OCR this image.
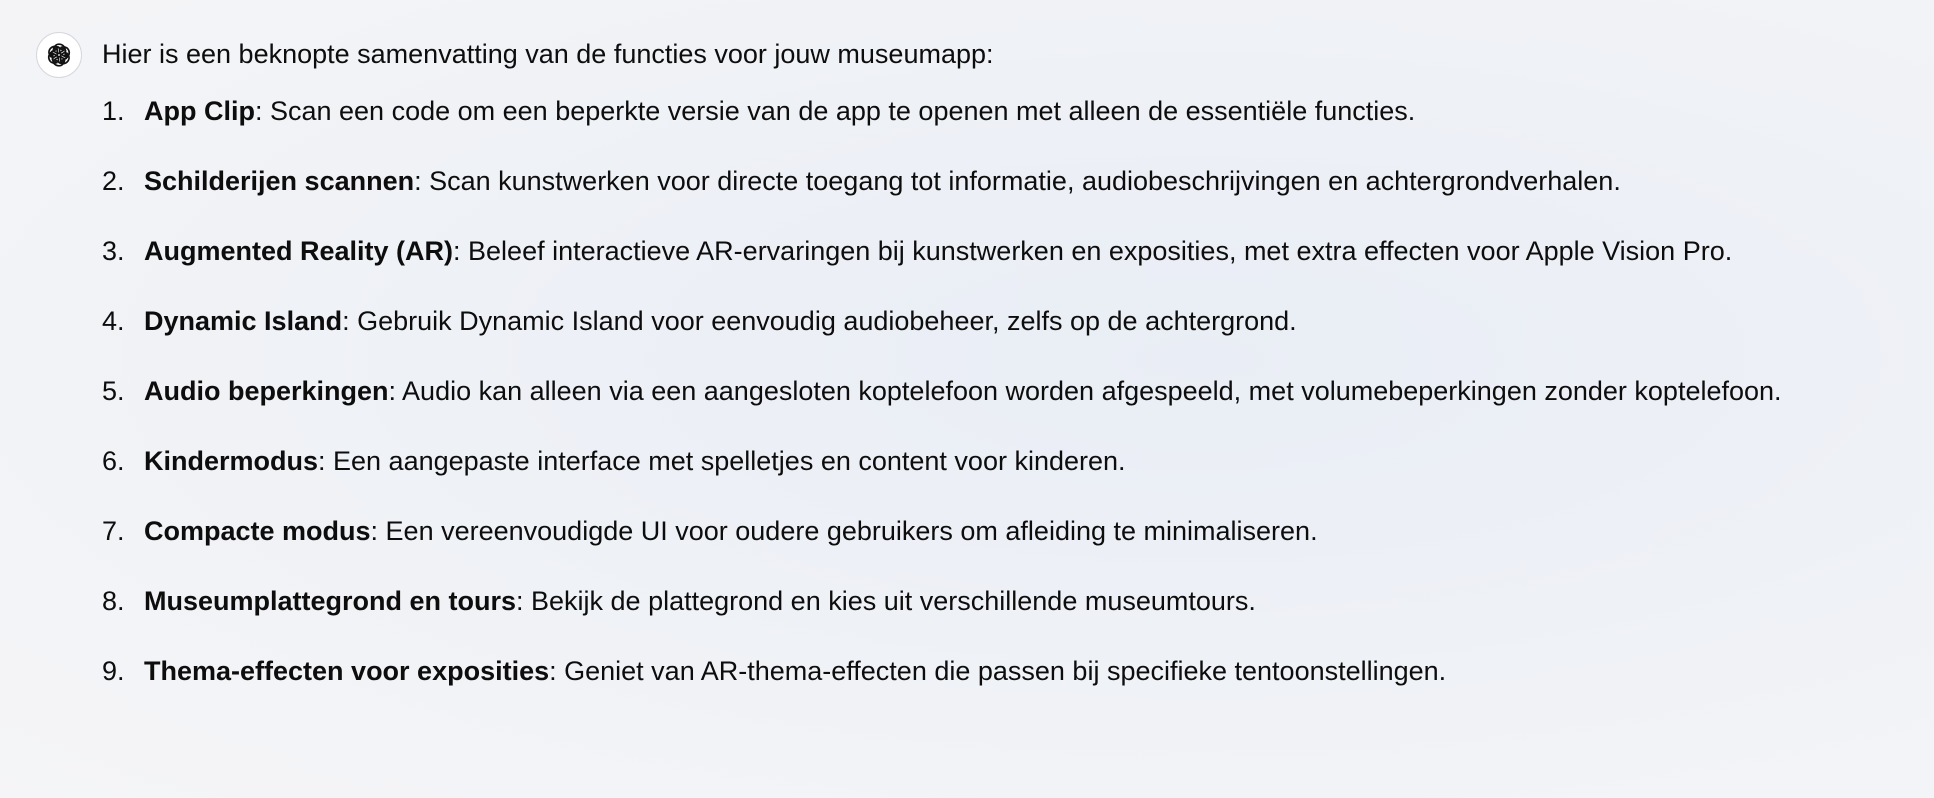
Hier is een beknopte samenvatting van de functies voor jouw museumapp:

1. App Clip: Scan een code om een beperkte versie van de app te openen met alleen de essentiële functies.
2. Schilderijen scannen: Scan kunstwerken voor directe toegang tot informatie, audiobeschrijvingen en achtergrondverhalen.
3. Augmented Reality (AR): Beleef interactieve AR-ervaringen bij kunstwerken en exposities, met extra effecten voor Apple Vision Pro.
4. Dynamic Island: Gebruik Dynamic Island voor eenvoudig audiobeheer, zelfs op de achtergrond.
5. Audio beperkingen: Audio kan alleen via een aangesloten koptelefoon worden afgespeeld, met volumebeperkingen zonder koptelefoon.
6. Kindermodus: Een aangepaste interface met spelletjes en content voor kinderen.
7. Compacte modus: Een vereenvoudigde UI voor oudere gebruikers om afleiding te minimaliseren.
8. Museumplattegrond en tours: Bekijk de plattegrond en kies uit verschillende museumtours.
9. Thema-effecten voor exposities: Geniet van AR-thema-effecten die passen bij specifieke tentoonstellingen.
